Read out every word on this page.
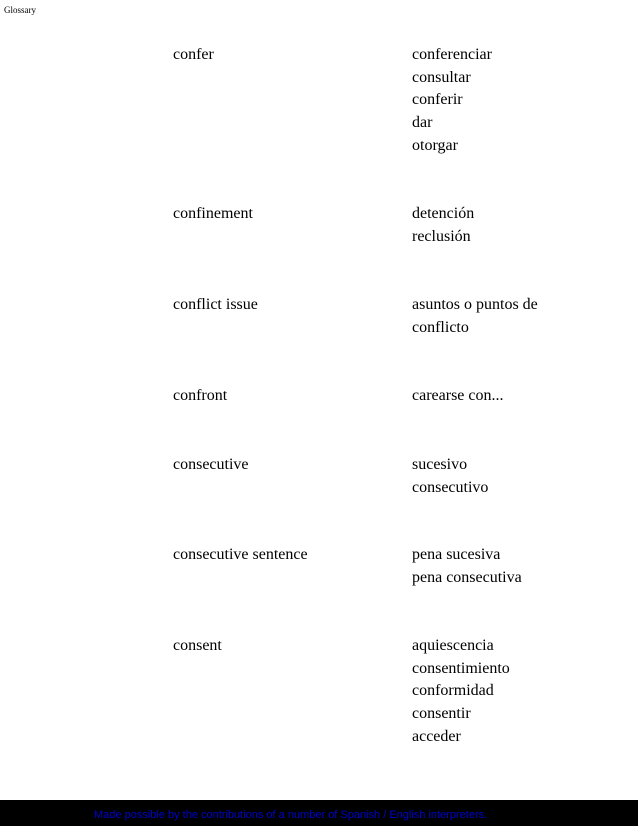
Glossary
confer	conferenciar
consultar
conferir
dar
otorgar
confinement	detención
reclusión
conflict issue	asuntos o puntos de
conflicto
confront	carearse con...
consecutive	sucesivo
consecutivo
consecutive sentence	pena sucesiva
pena consecutiva
consent	aquiescencia
consentimiento
conformidad
consentir
acceder
Made possible by the contributions of a number of Spanish / English interpreters.
